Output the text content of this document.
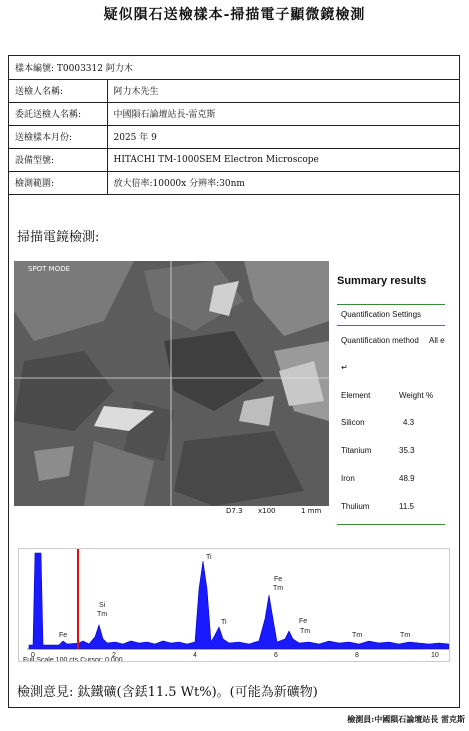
疑似隕石送檢樣本-掃描電子顯微鏡檢測
樣本編號: T0003312 阿力木	
送檢人名稱:	阿力木先生
委託送檢人名稱:	中國隕石論壇站長-雷克斯
送檢樣本月份:	2025 年 9
設備型號:	HITACHI TM-1000SEM Electron Microscope
檢測範圍:	放大倍率:10000x 分辨率:30nm
掃描電鏡檢測:
SPOT MODE
D7.3 x100	1 mm
Summary results
Quantification Settings
Quantification method All e
↵
Element	Weight %
Silicon	4.3
Titanium	35.3
Iron	48.9
Thulium	11.5
Fe
Si
Tm
Ti
Ti
Fe
Tm
Fe
Tm
Tm	Tm
0	2	4	6	8	10
Full Scale 100 cts Cursor: 0.000
檢測意見: 鈦鐵礦(含銩11.5 Wt%)。(可能為新礦物)
檢測員:中國隕石論壇站長 雷克斯
